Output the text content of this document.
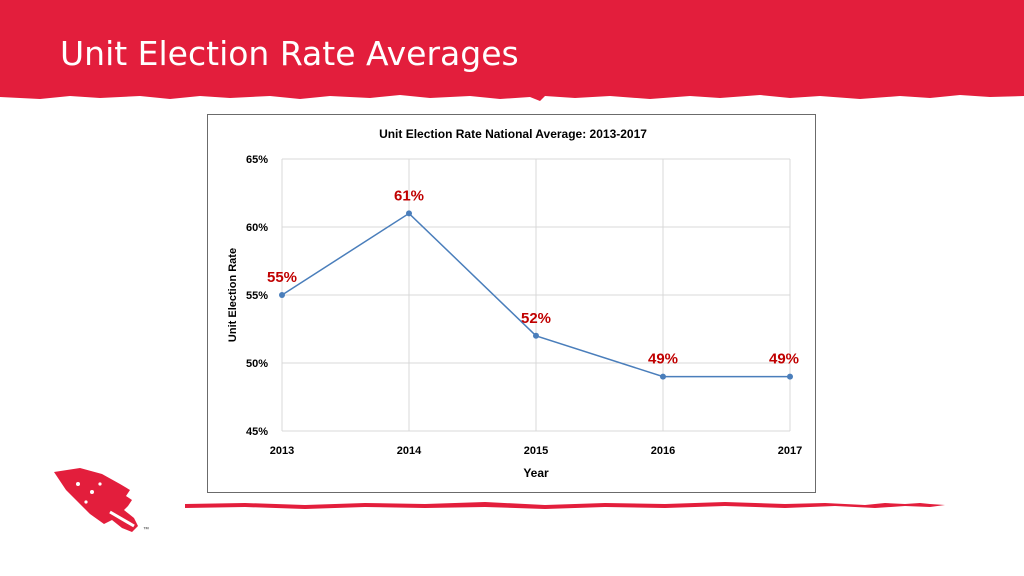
Unit Election Rate Averages
Unit Election Rate National Average: 2013-2017
45%
50%
55%
60%
65%
2013	2014	2015	2016	2017
55%
61%
52%
49%	49%
Year
Unit Election Rate
™
